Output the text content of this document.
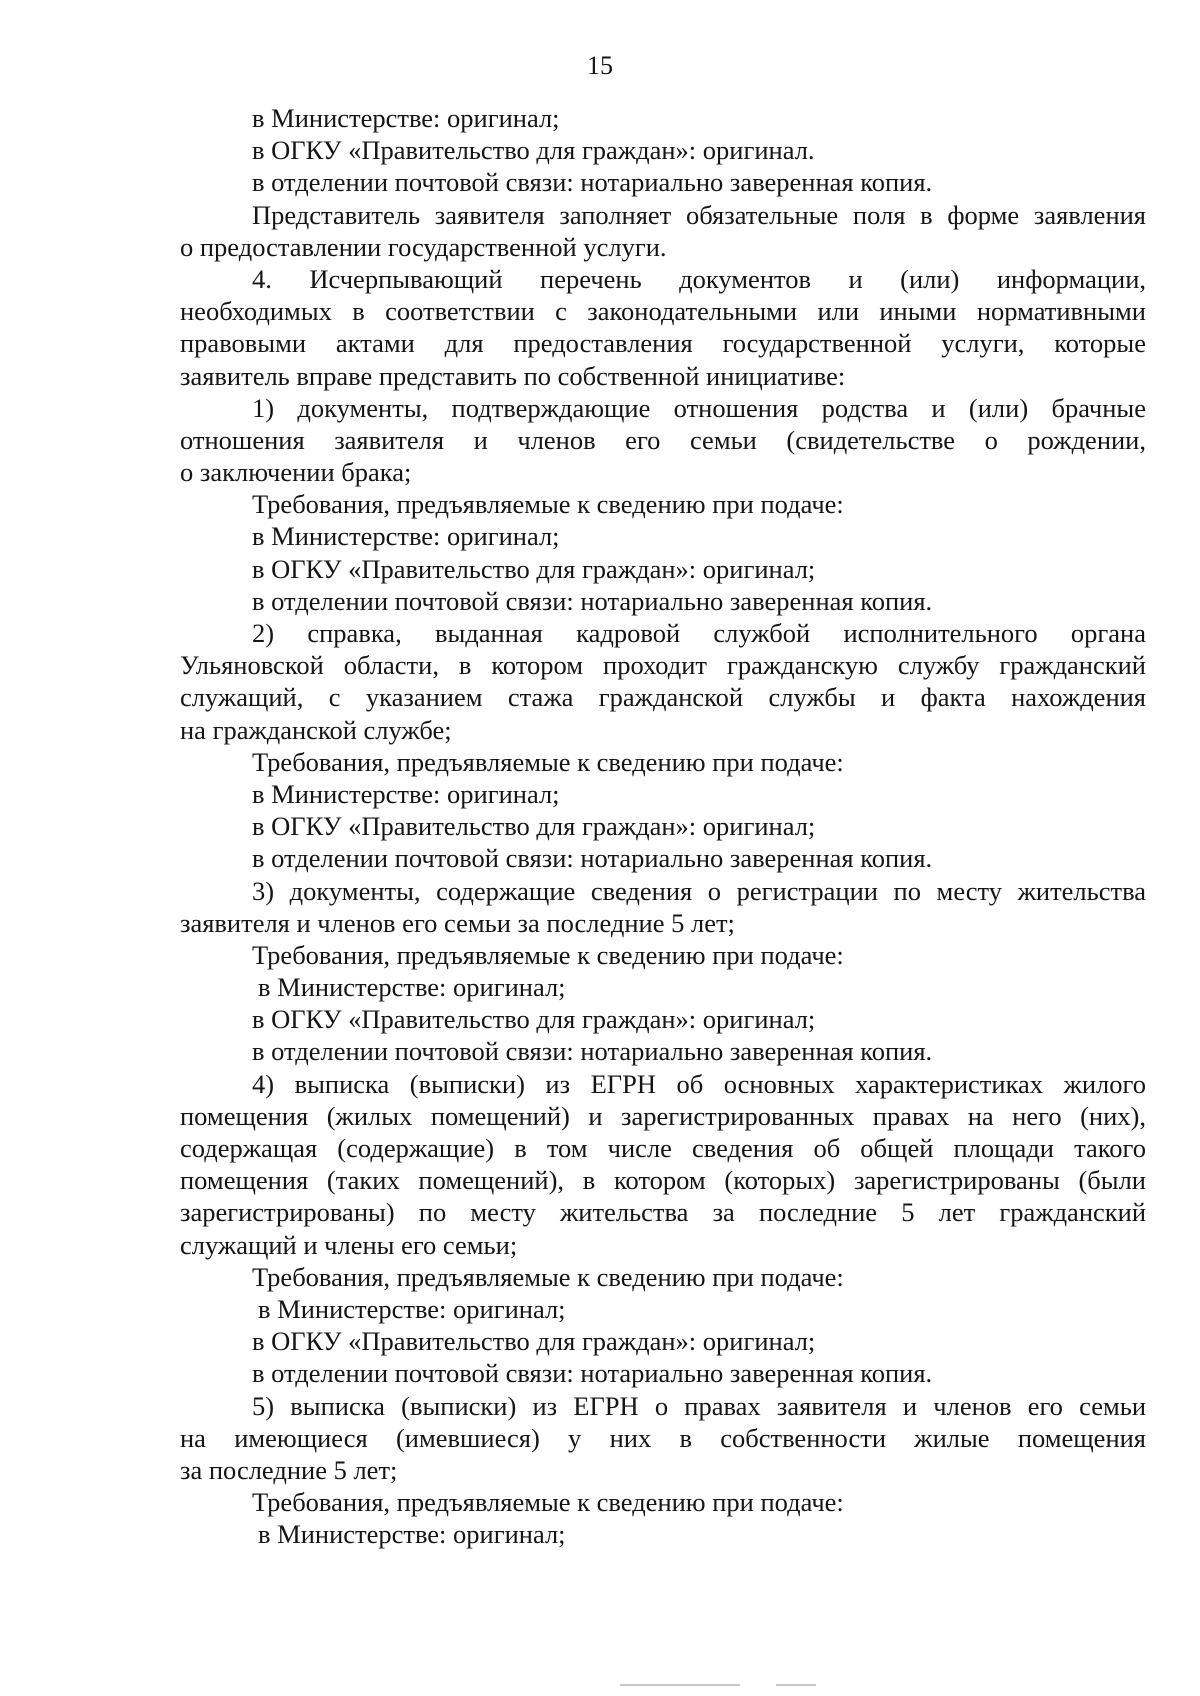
15
в Министерстве: оригинал;
в ОГКУ «Правительство для граждан»: оригинал.
в отделении почтовой связи: нотариально заверенная копия.
Представитель заявителя заполняет обязательные поля в форме заявления
о предоставлении государственной услуги.
4. Исчерпывающий перечень документов и (или) информации,
необходимых в соответствии с законодательными или иными нормативными
правовыми актами для предоставления государственной услуги, которые
заявитель вправе представить по собственной инициативе:
1) документы, подтверждающие отношения родства и (или) брачные
отношения заявителя и членов его семьи (свидетельстве о рождении,
о заключении брака;
Требования, предъявляемые к сведению при подаче:
в Министерстве: оригинал;
в ОГКУ «Правительство для граждан»: оригинал;
в отделении почтовой связи: нотариально заверенная копия.
2) справка, выданная кадровой службой исполнительного органа
Ульяновской области, в котором проходит гражданскую службу гражданский
служащий, с указанием стажа гражданской службы и факта нахождения
на гражданской службе;
Требования, предъявляемые к сведению при подаче:
в Министерстве: оригинал;
в ОГКУ «Правительство для граждан»: оригинал;
в отделении почтовой связи: нотариально заверенная копия.
3) документы, содержащие сведения о регистрации по месту жительства
заявителя и членов его семьи за последние 5 лет;
Требования, предъявляемые к сведению при подаче:
в Министерстве: оригинал;
в ОГКУ «Правительство для граждан»: оригинал;
в отделении почтовой связи: нотариально заверенная копия.
4) выписка (выписки) из ЕГРН об основных характеристиках жилого
помещения (жилых помещений) и зарегистрированных правах на него (них),
содержащая (содержащие) в том числе сведения об общей площади такого
помещения (таких помещений), в котором (которых) зарегистрированы (были
зарегистрированы) по месту жительства за последние 5 лет гражданский
служащий и члены его семьи;
Требования, предъявляемые к сведению при подаче:
в Министерстве: оригинал;
в ОГКУ «Правительство для граждан»: оригинал;
в отделении почтовой связи: нотариально заверенная копия.
5) выписка (выписки) из ЕГРН о правах заявителя и членов его семьи
на имеющиеся (имевшиеся) у них в собственности жилые помещения
за последние 5 лет;
Требования, предъявляемые к сведению при подаче:
в Министерстве: оригинал;
